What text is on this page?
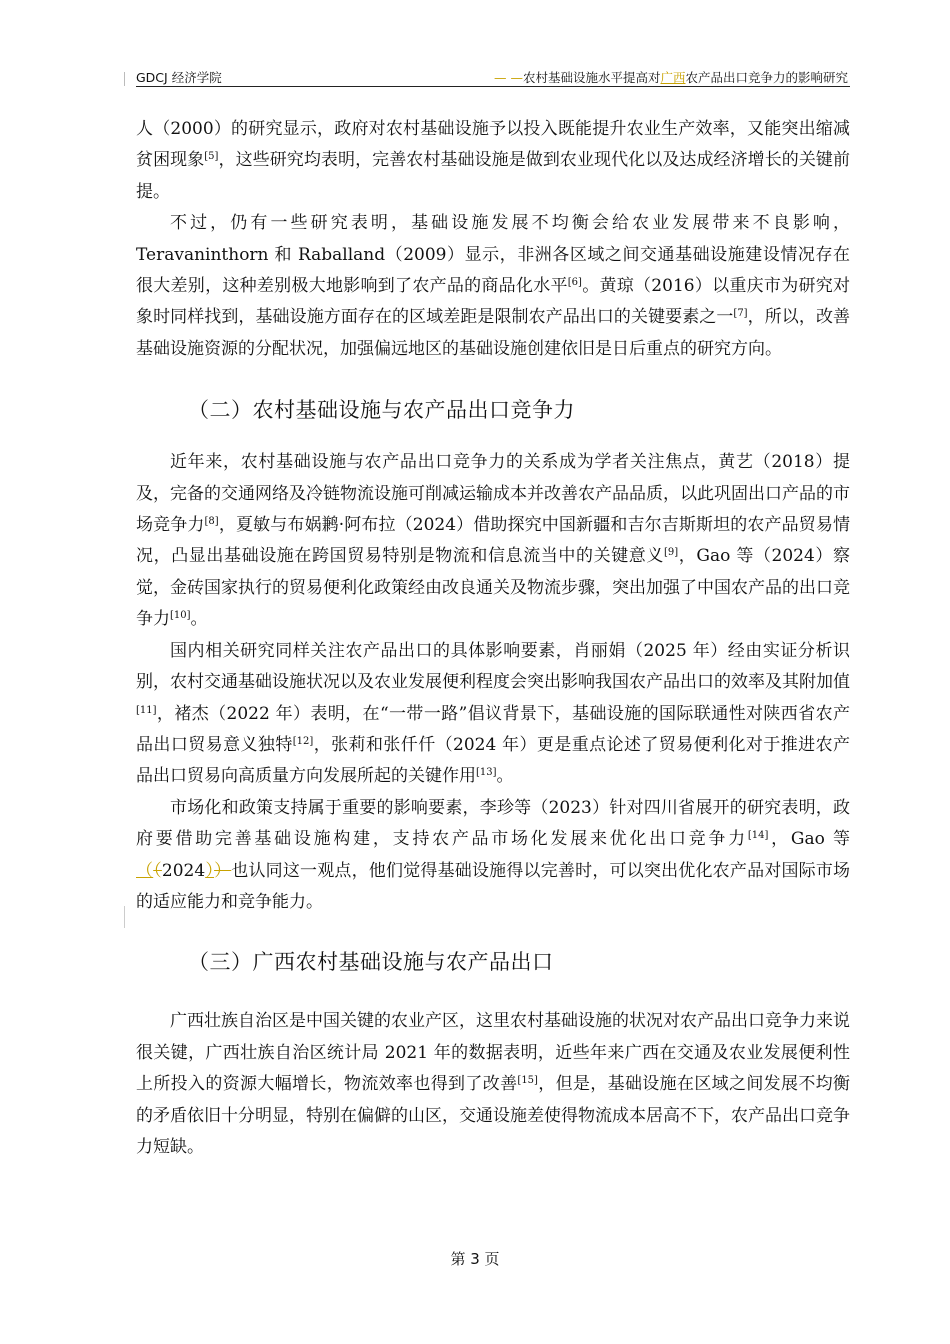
GDCJ 经济学院	— —农村基础设施水平提高对广西农产品出口竞争力的影响研究

人（2000）的研究显示，政府对农村基础设施予以投入既能提升农业生产效率，又能突出缩减贫困现象[5]，这些研究均表明，完善农村基础设施是做到农业现代化以及达成经济增长的关键前提。

不过，仍有一些研究表明，基础设施发展不均衡会给农业发展带来不良影响，Teravaninthorn 和 Raballand（2009）显示，非洲各区域之间交通基础设施建设情况存在很大差别，这种差别极大地影响到了农产品的商品化水平[6]。黄琼（2016）以重庆市为研究对象时同样找到，基础设施方面存在的区域差距是限制农产品出口的关键要素之一[7]，所以，改善基础设施资源的分配状况，加强偏远地区的基础设施创建依旧是日后重点的研究方向。

（二）农村基础设施与农产品出口竞争力

近年来，农村基础设施与农产品出口竞争力的关系成为学者关注焦点，黄艺（2018）提及，完备的交通网络及冷链物流设施可削减运输成本并改善农产品品质，以此巩固出口产品的市场竞争力[8]，夏敏与布娲鹣·阿布拉（2024）借助探究中国新疆和吉尔吉斯斯坦的农产品贸易情况，凸显出基础设施在跨国贸易特别是物流和信息流当中的关键意义[9]，Gao 等（2024）察觉，金砖国家执行的贸易便利化政策经由改良通关及物流步骤，突出加强了中国农产品的出口竞争力[10]。

国内相关研究同样关注农产品出口的具体影响要素，肖丽娟（2025 年）经由实证分析识别，农村交通基础设施状况以及农业发展便利程度会突出影响我国农产品出口的效率及其附加值[11]，褚杰（2022 年）表明，在“一带一路”倡议背景下，基础设施的国际联通性对陕西省农产品出口贸易意义独特[12]，张莉和张仟仟（2024 年）更是重点论述了贸易便利化对于推进农产品出口贸易向高质量方向发展所起的关键作用[13]。

市场化和政策支持属于重要的影响要素，李珍等（2023）针对四川省展开的研究表明，政府要借助完善基础设施构建，支持农产品市场化发展来优化出口竞争力[14]，Gao 等（（2024））也认同这一观点，他们觉得基础设施得以完善时，可以突出优化农产品对国际市场的适应能力和竞争能力。

（三）广西农村基础设施与农产品出口

广西壮族自治区是中国关键的农业产区，这里农村基础设施的状况对农产品出口竞争力来说很关键，广西壮族自治区统计局 2021 年的数据表明，近些年来广西在交通及农业发展便利性上所投入的资源大幅增长，物流效率也得到了改善[15]，但是，基础设施在区域之间发展不均衡的矛盾依旧十分明显，特别在偏僻的山区，交通设施差使得物流成本居高不下，农产品出口竞争力短缺。

第 3 页
